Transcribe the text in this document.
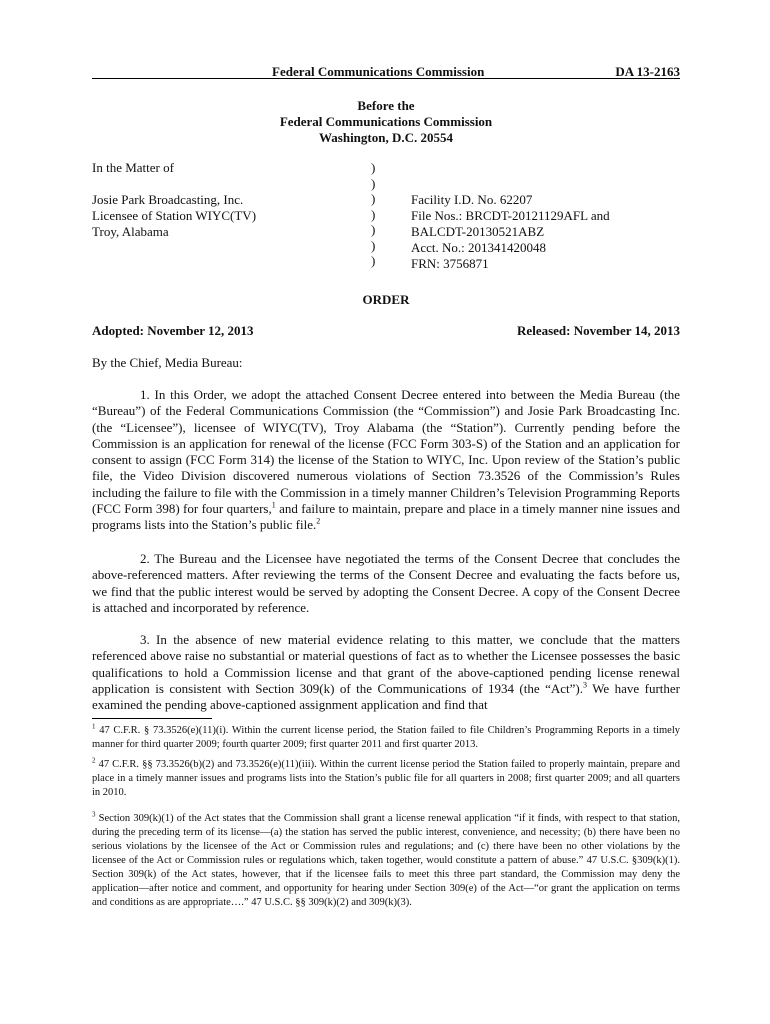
Federal Communications Commission	DA 13-2163
Before the
Federal Communications Commission
Washington, D.C. 20554
In the Matter of

Josie Park Broadcasting, Inc.
Licensee of Station WIYC(TV)
Troy, Alabama
)
)
)
)
)
)
)
Facility I.D. No. 62207
File Nos.: BRCDT-20121129AFL and
BALCDT-20130521ABZ
Acct. No.: 201341420048
FRN: 3756871
ORDER
Adopted: November 12, 2013	Released: November 14, 2013
By the Chief, Media Bureau:
1. In this Order, we adopt the attached Consent Decree entered into between the Media Bureau (the “Bureau”) of the Federal Communications Commission (the “Commission”) and Josie Park Broadcasting Inc. (the “Licensee”), licensee of WIYC(TV), Troy Alabama (the “Station”). Currently pending before the Commission is an application for renewal of the license (FCC Form 303-S) of the Station and an application for consent to assign (FCC Form 314) the license of the Station to WIYC, Inc. Upon review of the Station’s public file, the Video Division discovered numerous violations of Section 73.3526 of the Commission’s Rules including the failure to file with the Commission in a timely manner Children’s Television Programming Reports (FCC Form 398) for four quarters,$^1$ and failure to maintain, prepare and place in a timely manner nine issues and programs lists into the Station’s public file.$^2$
2. The Bureau and the Licensee have negotiated the terms of the Consent Decree that concludes the above-referenced matters. After reviewing the terms of the Consent Decree and evaluating the facts before us, we find that the public interest would be served by adopting the Consent Decree. A copy of the Consent Decree is attached and incorporated by reference.
3. In the absence of new material evidence relating to this matter, we conclude that the matters referenced above raise no substantial or material questions of fact as to whether the Licensee possesses the basic qualifications to hold a Commission license and that grant of the above-captioned pending license renewal application is consistent with Section 309(k) of the Communications of 1934 (the “Act”).$^3$ We have further examined the pending above-captioned assignment application and find that
$^1$ 47 C.F.R. § 73.3526(e)(11)(i). Within the current license period, the Station failed to file Children’s Programming Reports in a timely manner for third quarter 2009; fourth quarter 2009; first quarter 2011 and first quarter 2013.
$^2$ 47 C.F.R. §§ 73.3526(b)(2) and 73.3526(e)(11)(iii). Within the current license period the Station failed to properly maintain, prepare and place in a timely manner issues and programs lists into the Station’s public file for all quarters in 2008; first quarter 2009; and all quarters in 2010.
$^3$ Section 309(k)(1) of the Act states that the Commission shall grant a license renewal application “if it finds, with respect to that station, during the preceding term of its license—(a) the station has served the public interest, convenience, and necessity; (b) there have been no serious violations by the licensee of the Act or Commission rules and regulations; and (c) there have been no other violations by the licensee of the Act or Commission rules or regulations which, taken together, would constitute a pattern of abuse.” 47 U.S.C. §309(k)(1). Section 309(k) of the Act states, however, that if the licensee fails to meet this three part standard, the Commission may deny the application—after notice and comment, and opportunity for hearing under Section 309(e) of the Act—“or grant the application on terms and conditions as are appropriate….” 47 U.S.C. §§ 309(k)(2) and 309(k)(3).
